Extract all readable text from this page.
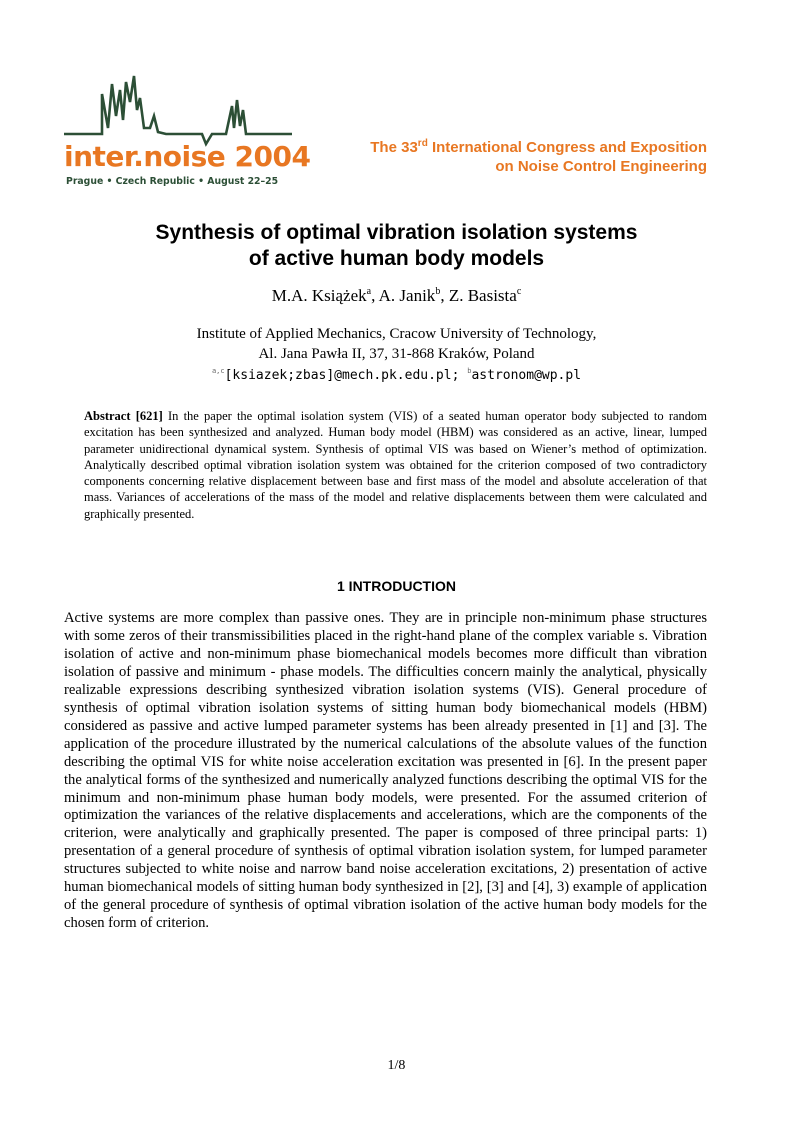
inter.noise 2004
Prague • Czech Republic • August 22–25
The 33rd International Congress and Exposition
on Noise Control Engineering
Synthesis of optimal vibration isolation systems
of active human body models
M.A. Książek$^a$, A. Janik$^b$, Z. Basista$^c$
Institute of Applied Mechanics, Cracow University of Technology,
Al. Jana Pawła II, 37, 31-868 Kraków, Poland
$^{a,c}$[ksiazek;zbas]@mech.pk.edu.pl; $^b$astronom@wp.pl
Abstract [621] In the paper the optimal isolation system (VIS) of a seated human operator body subjected to random excitation has been synthesized and analyzed. Human body model (HBM) was considered as an active, linear, lumped parameter unidirectional dynamical system. Synthesis of optimal VIS was based on Wiener’s method of optimization. Analytically described optimal vibration isolation system was obtained for the criterion composed of two contradictory components concerning relative displacement between base and first mass of the model and absolute acceleration of that mass. Variances of accelerations of the mass of the model and relative displacements between them were calculated and graphically presented.
1 INTRODUCTION
Active systems are more complex than passive ones. They are in principle non-minimum phase structures with some zeros of their transmissibilities placed in the right-hand plane of the complex variable s. Vibration isolation of active and non-minimum phase biomechanical models becomes more difficult than vibration isolation of passive and minimum - phase models. The difficulties concern mainly the analytical, physically realizable expressions describing synthesized vibration isolation systems (VIS). General procedure of synthesis of optimal vibration isolation systems of sitting human body biomechanical models (HBM) considered as passive and active lumped parameter systems has been already presented in [1] and [3]. The application of the procedure illustrated by the numerical calculations of the absolute values of the function describing the optimal VIS for white noise acceleration excitation was presented in [6]. In the present paper the analytical forms of the synthesized and numerically analyzed functions describing the optimal VIS for the minimum and non-minimum phase human body models, were presented. For the assumed criterion of optimization the variances of the relative displacements and accelerations, which are the components of the criterion, were analytically and graphically presented. The paper is composed of three principal parts: 1) presentation of a general procedure of synthesis of optimal vibration isolation system, for lumped parameter structures subjected to white noise and narrow band noise acceleration excitations, 2) presentation of active human biomechanical models of sitting human body synthesized in [2], [3] and [4], 3) example of application of the general procedure of synthesis of optimal vibration isolation of the active human body models for the chosen form of criterion.
1/8
